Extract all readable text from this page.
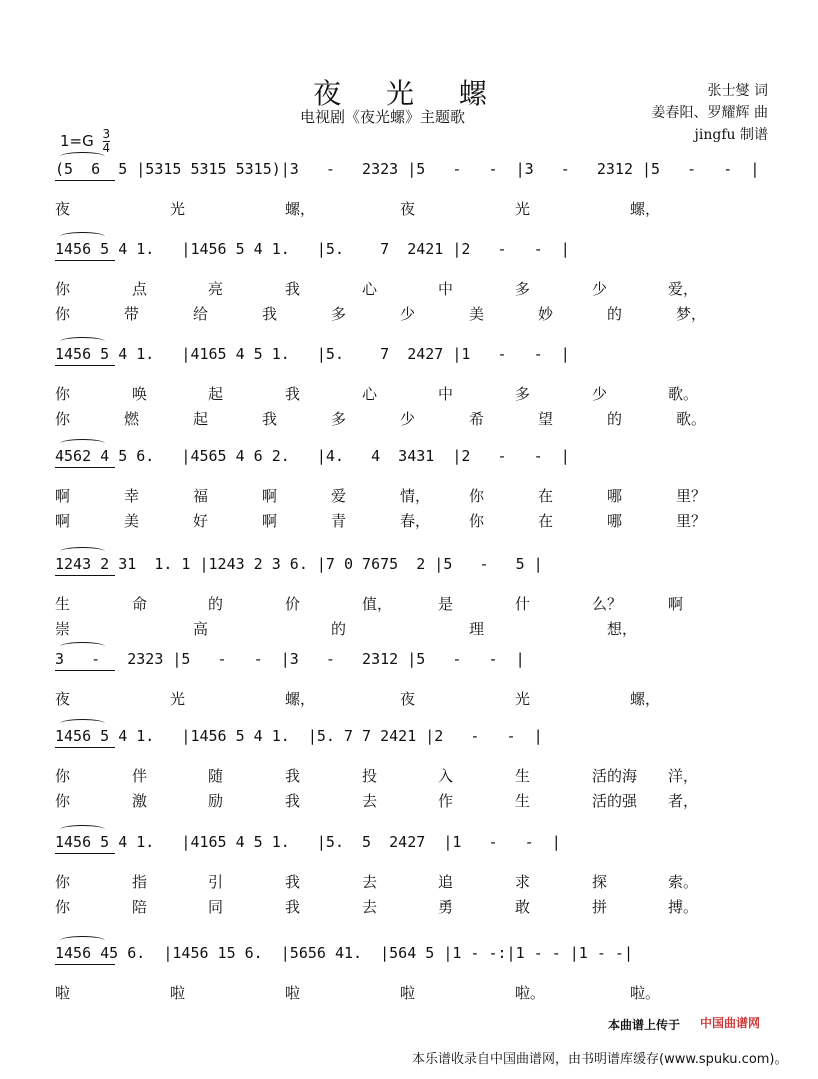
夜 光 螺
电视剧《夜光螺》主题歌
张士燮 词
姜春阳、罗耀辉 曲
jingfu 制谱
$1=G \frac{3}{4}$
(5  6  5 |5315 5315 5315)|3   -   2323 |5   -   -  |3   -   2312 |5   -   -  |
夜	光	螺，	夜	光	螺，
1456 5 4 1.   |1456 5 4 1.   |5.    7  2421 |2   -   -  |
你	点	亮	我	心	中	多	少	爱，
你	带	给	我	多	少	美	妙	的	梦，
1456 5 4 1.   |4165 4 5 1.   |5.    7  2427 |1   -   -  |
你	唤	起	我	心	中	多	少	歌。
你	燃	起	我	多	少	希	望	的	歌。
4562 4 5 6.   |4565 4 6 2.   |4.   4  3431  |2   -   -  |
啊	幸	福	啊	爱	情，	你	在	哪	里？
啊	美	好	啊	青	春，	你	在	哪	里？
1243 2 31  1. 1 |1243 2 3 6. |7 0 7675  2 |5   -   5 |
生	命	的	价	值，	是	什	么？	啊
崇	高	的	理	想，
3   -   2323 |5   -   -  |3   -   2312 |5   -   -  |
夜	光	螺，	夜	光	螺，
1456 5 4 1.   |1456 5 4 1.  |5. 7 7 2421 |2   -   -  |
你	伴	随	我	投	入	生	活的海 洋，
你	激	励	我	去	作	生	活的强 者，
1456 5 4 1.   |4165 4 5 1.   |5.  5  2427  |1   -   -  |
你	指	引	我	去	追	求	探	索。
你	陪	同	我	去	勇	敢	拼	搏。
1456 45 6.  |1456 15 6.  |5656 41.  |564 5 |1 - -:|1 - - |1 - -|
啦	啦	啦	啦	啦。	啦。
本曲谱上传于 中国曲谱网
本乐谱收录自中国曲谱网，由书明谱库缓存(www.spuku.com)。
